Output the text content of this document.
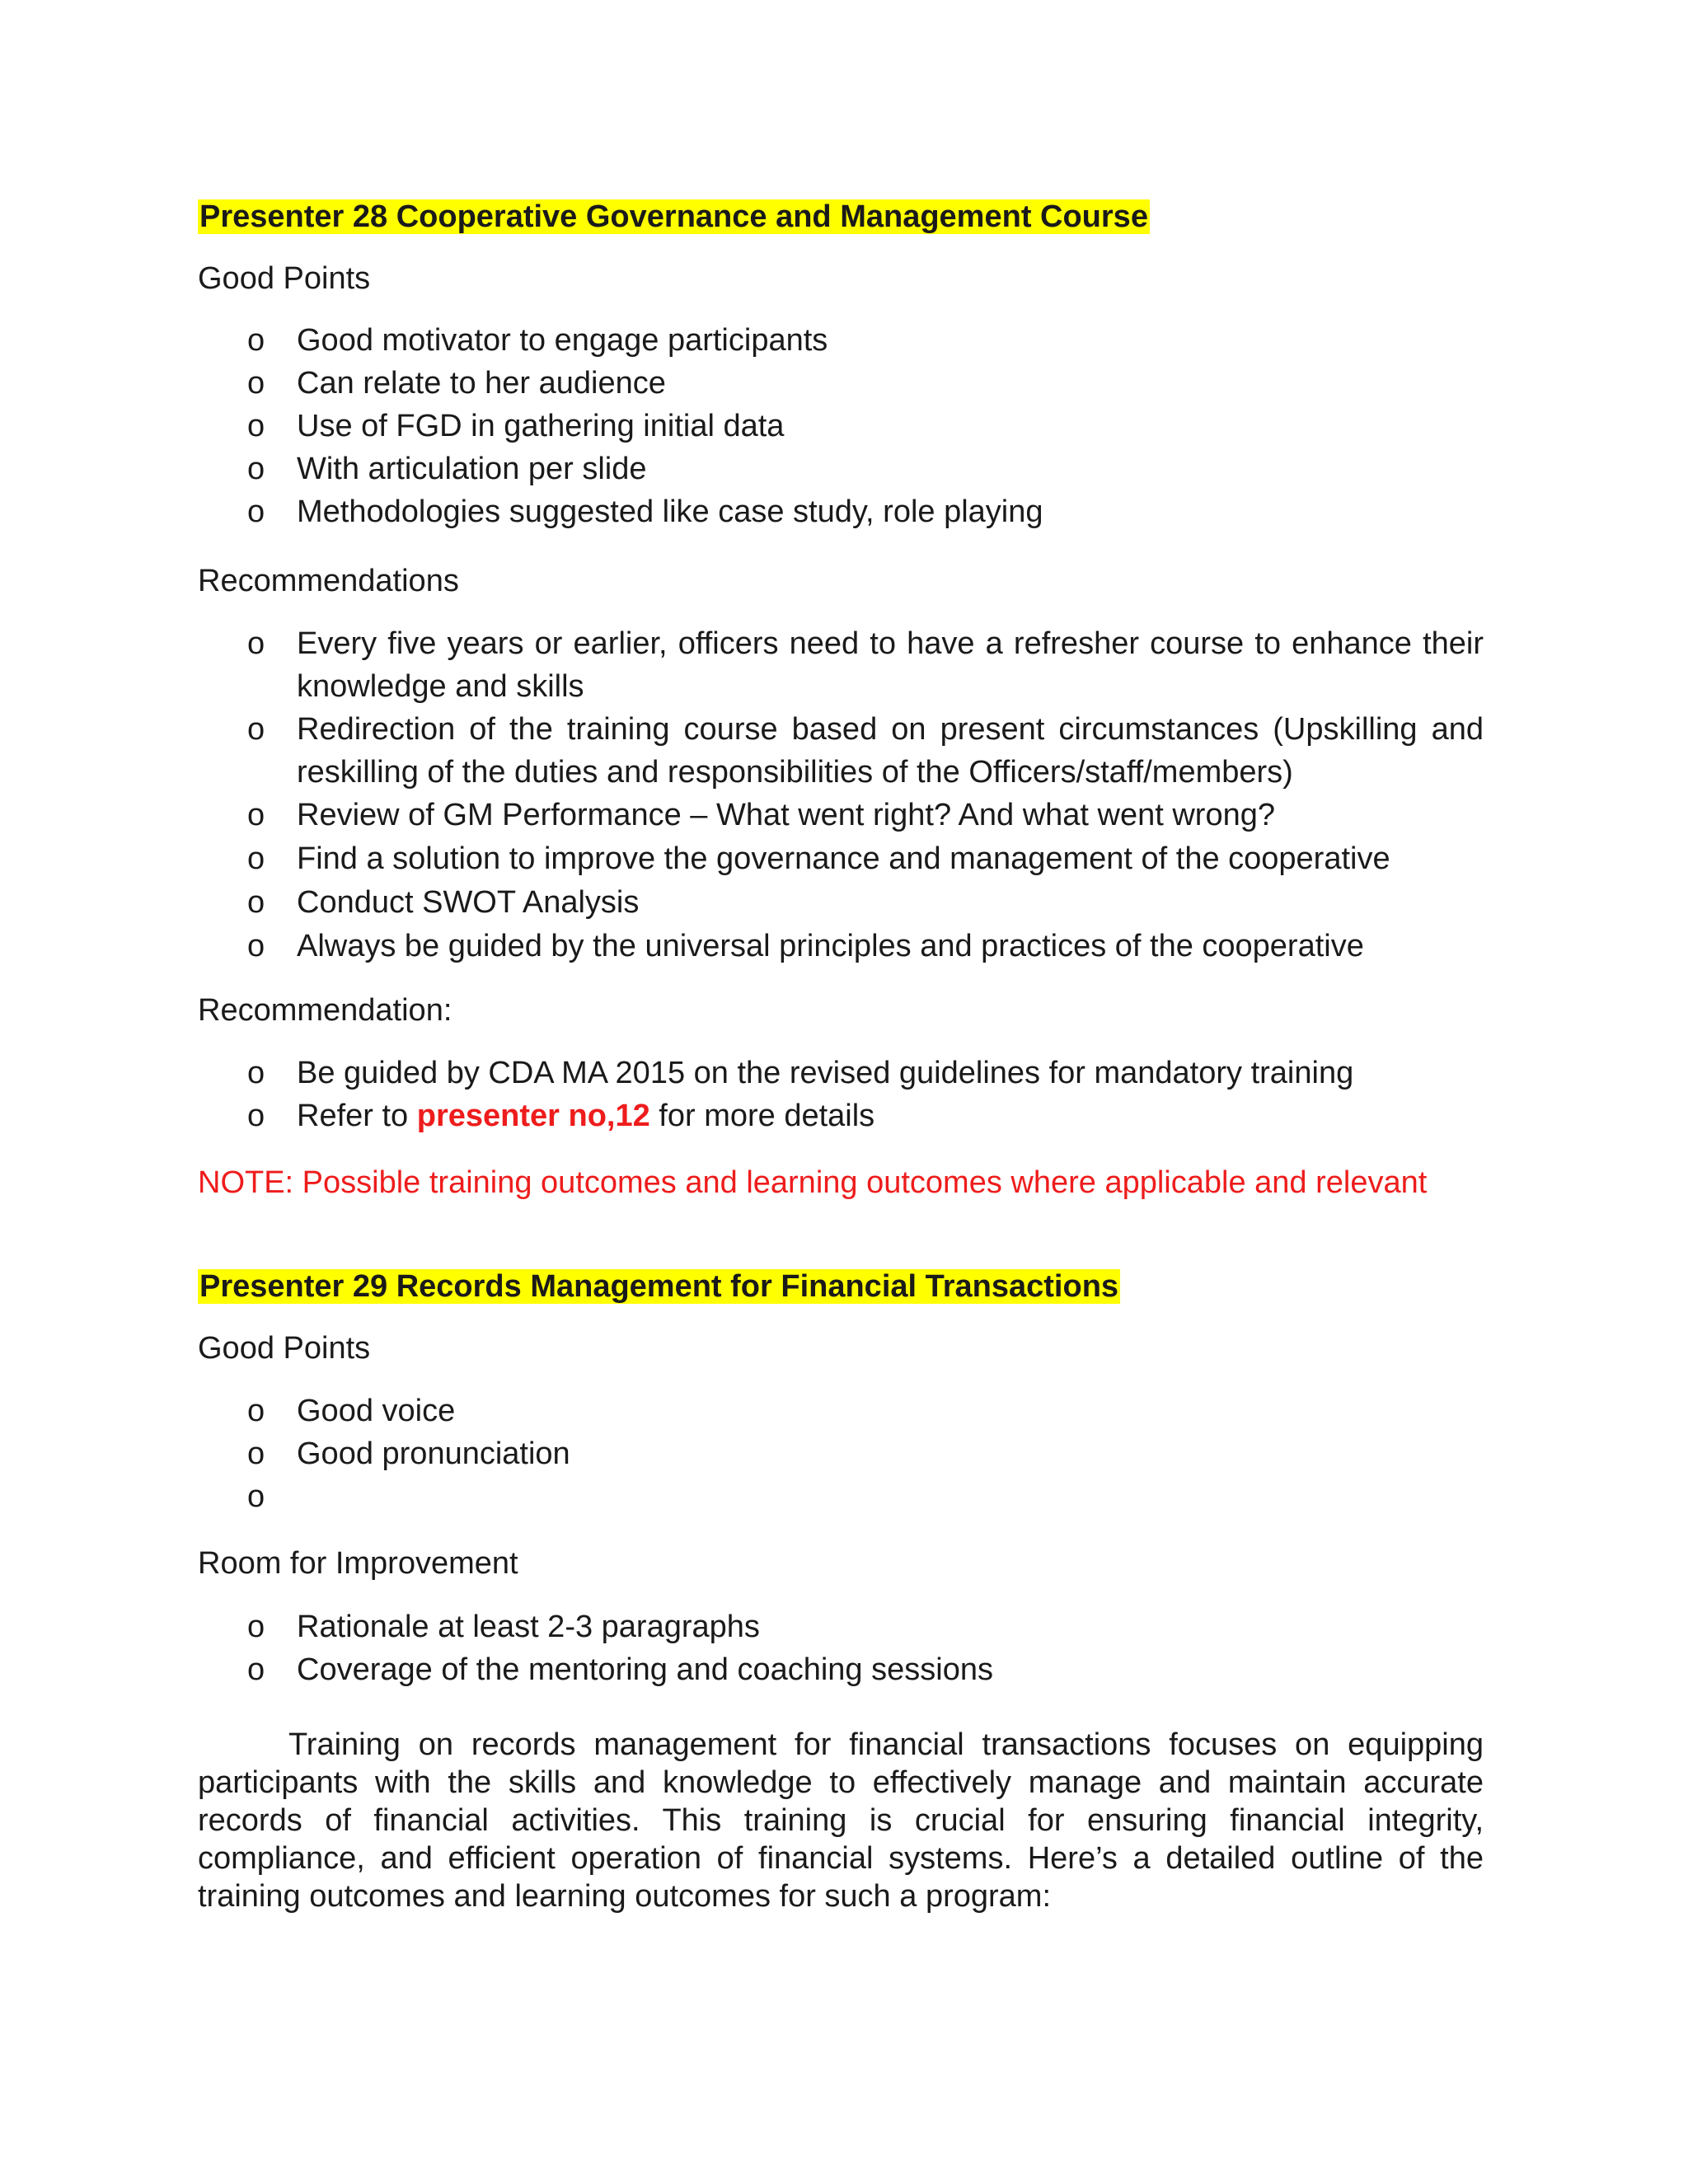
Presenter 28 Cooperative Governance and Management Course
Good Points
o Good motivator to engage participants
o Can relate to her audience
o Use of FGD in gathering initial data
o With articulation per slide
o Methodologies suggested like case study, role playing
Recommendations
o Every five years or earlier, officers need to have a refresher course to enhance their knowledge and skills
o Redirection of the training course based on present circumstances (Upskilling and reskilling of the duties and responsibilities of the Officers/staff/members)
o Review of GM Performance – What went right? And what went wrong?
o Find a solution to improve the governance and management of the cooperative
o Conduct SWOT Analysis
o Always be guided by the universal principles and practices of the cooperative
Recommendation:
o Be guided by CDA MA 2015 on the revised guidelines for mandatory training
o Refer to presenter no,12 for more details
NOTE: Possible training outcomes and learning outcomes where applicable and relevant
Presenter 29 Records Management for Financial Transactions
Good Points
o Good voice
o Good pronunciation
o

Room for Improvement
o Rationale at least 2-3 paragraphs
o Coverage of the mentoring and coaching sessions
Training on records management for financial transactions focuses on equipping participants with the skills and knowledge to effectively manage and maintain accurate records of financial activities. This training is crucial for ensuring financial integrity, compliance, and efficient operation of financial systems. Here’s a detailed outline of the training outcomes and learning outcomes for such a program:
